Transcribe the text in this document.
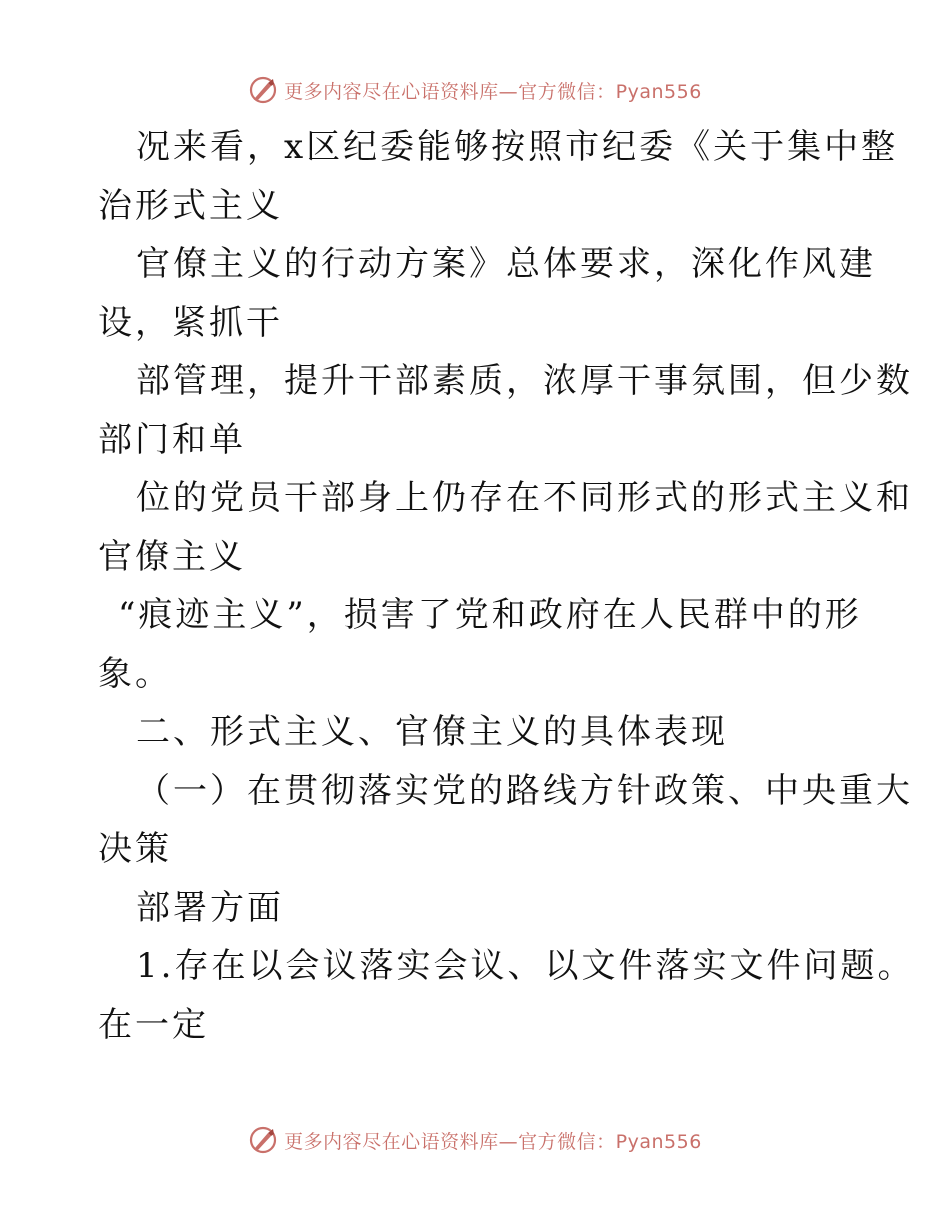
更多内容尽在心语资料库—官方微信：Pyan556
况来看，x区纪委能够按照市纪委《关于集中整
治形式主义
官僚主义的行动方案》总体要求，深化作风建
设，紧抓干
部管理，提升干部素质，浓厚干事氛围，但少数
部门和单
位的党员干部身上仍存在不同形式的形式主义和
官僚主义
“痕迹主义”，损害了党和政府在人民群中的形
象。
二、形式主义、官僚主义的具体表现
（一）在贯彻落实党的路线方针政策、中央重大
决策
部署方面
1.存在以会议落实会议、以文件落实文件问题。
在一定
更多内容尽在心语资料库—官方微信：Pyan556
